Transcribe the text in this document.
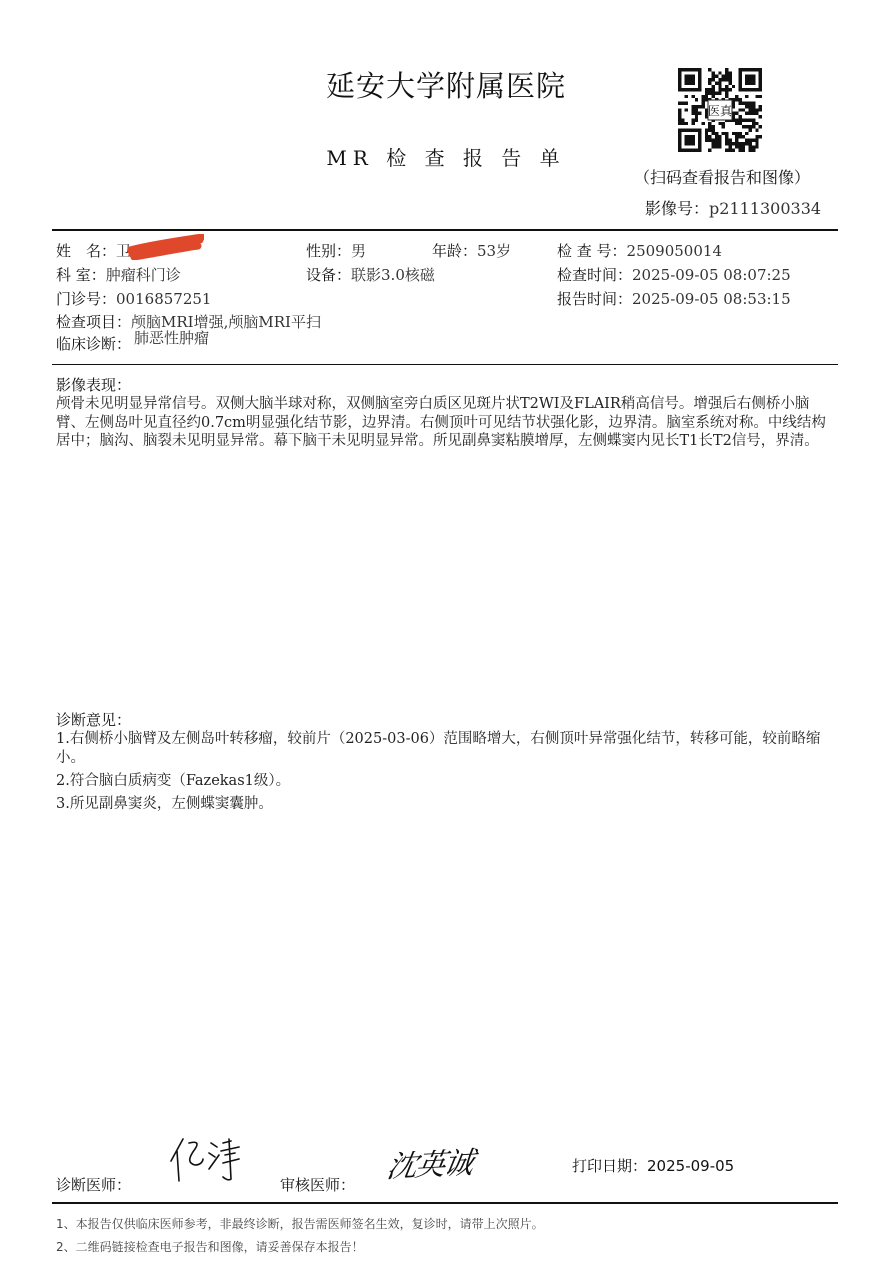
延安大学附属医院
MR 检 查 报 告 单
医真
（扫码查看报告和图像）
影像号：p2111300334
姓　名：卫	性别：男	年龄：53岁	检 查 号：2509050014
科 室：肿瘤科门诊	设备：联影3.0核磁	检查时间：2025-09-05 08:07:25
门诊号：0016857251	报告时间：2025-09-05 08:53:15
检查项目：颅脑MRI增强,颅脑MRI平扫
临床诊断： 肺恶性肿瘤
影像表现：
颅骨未见明显异常信号。双侧大脑半球对称，双侧脑室旁白质区见斑片状T2WI及FLAIR稍高信号。增强后右侧桥小脑臂、左侧岛叶见直径约0.7cm明显强化结节影，边界清。右侧顶叶可见结节状强化影，边界清。脑室系统对称。中线结构居中；脑沟、脑裂未见明显异常。幕下脑干未见明显异常。所见副鼻窦粘膜增厚，左侧蝶窦内见长T1长T2信号，界清。
诊断意见：
1.右侧桥小脑臂及左侧岛叶转移瘤，较前片（2025-03-06）范围略增大，右侧顶叶异常强化结节，转移可能，较前略缩小。
2.符合脑白质病变（Fazekas1级）。
3.所见副鼻窦炎，左侧蝶窦囊肿。
诊断医师：	审核医师： 沈英诚	打印日期：2025-09-05
1、本报告仅供临床医师参考，非最终诊断，报告需医师签名生效，复诊时，请带上次照片。
2、二维码链接检查电子报告和图像，请妥善保存本报告！
